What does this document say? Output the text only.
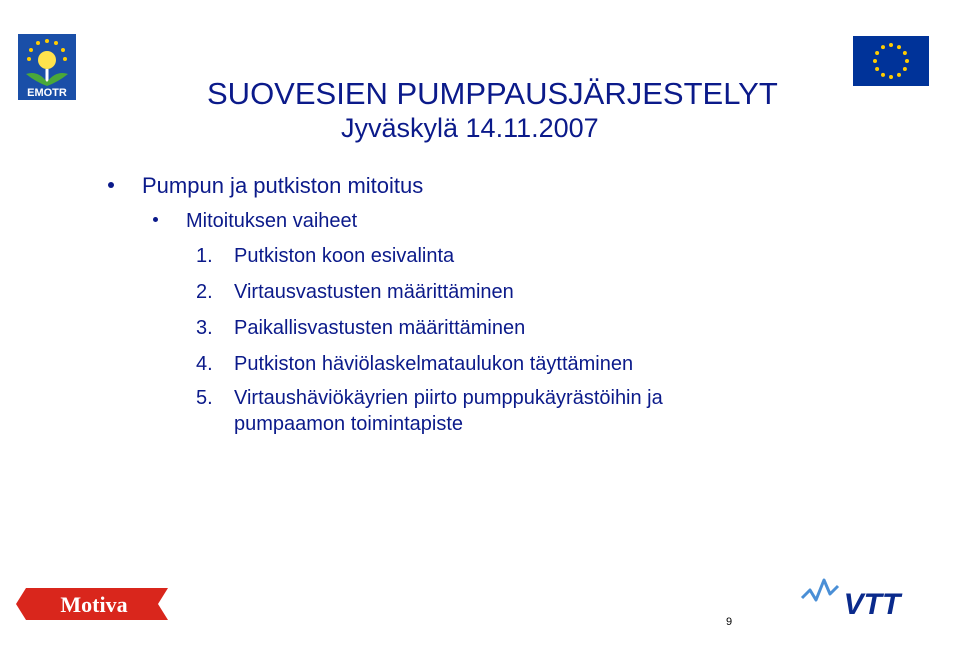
EMOTR	SUOVESIEN PUMPPAUSJÄRJESTELYT
Jyväskylä 14.11.2007
Pumpun ja putkiston mitoitus
Mitoituksen vaiheet
1. Putkiston koon esivalinta
2. Virtausvastusten määrittäminen
3. Paikallisvastusten määrittäminen
4. Putkiston häviölaskelmataulukon täyttäminen
5. Virtaushäviökäyrien piirto pumppukäyrästöihin ja
pumpaamon toimintapiste
Motiva	VTT
9
